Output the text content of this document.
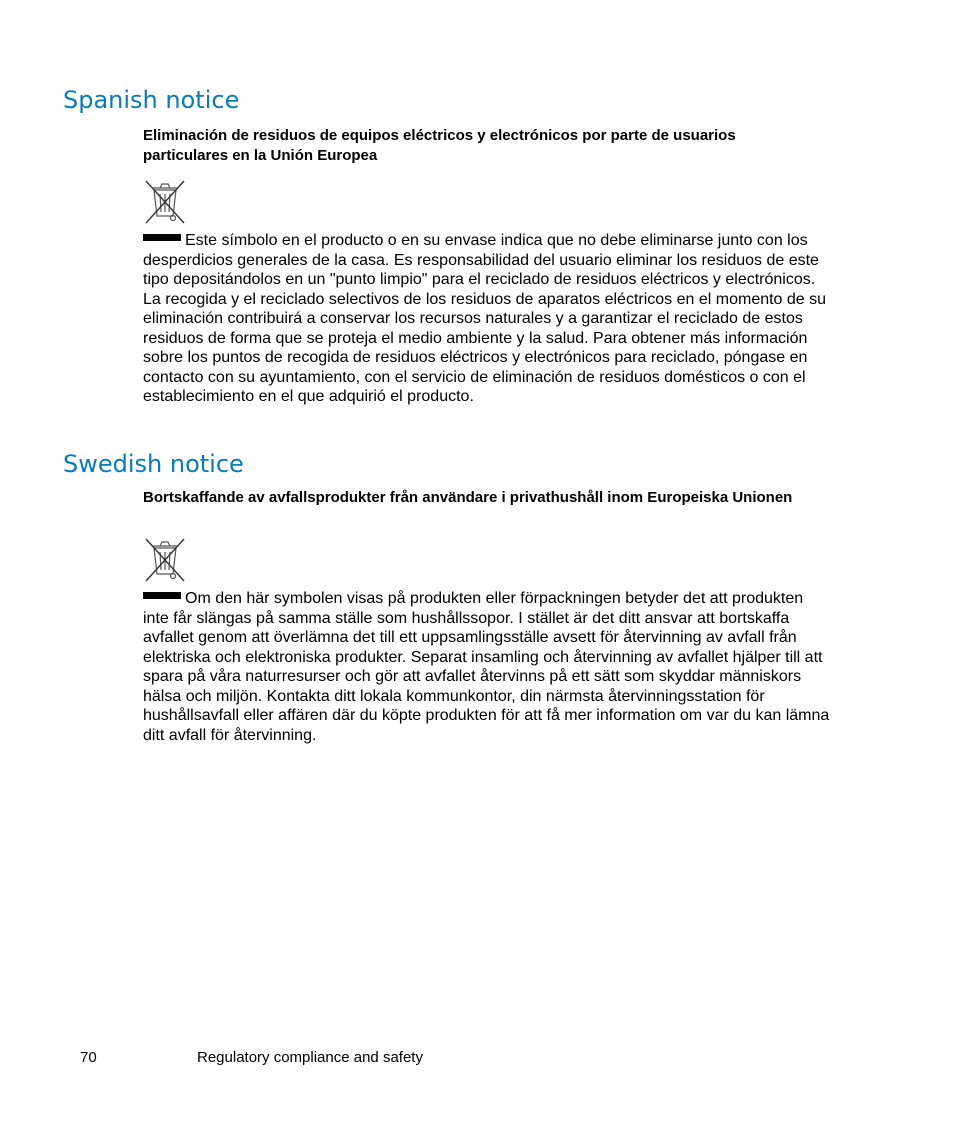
Spanish notice

Eliminación de residuos de equipos eléctricos y electrónicos por parte de usuarios particulares en la Unión Europea

Este símbolo en el producto o en su envase indica que no debe eliminarse junto con los desperdicios generales de la casa. Es responsabilidad del usuario eliminar los residuos de este tipo depositándolos en un "punto limpio" para el reciclado de residuos eléctricos y electrónicos. La recogida y el reciclado selectivos de los residuos de aparatos eléctricos en el momento de su eliminación contribuirá a conservar los recursos naturales y a garantizar el reciclado de estos residuos de forma que se proteja el medio ambiente y la salud. Para obtener más información sobre los puntos de recogida de residuos eléctricos y electrónicos para reciclado, póngase en contacto con su ayuntamiento, con el servicio de eliminación de residuos domésticos o con el establecimiento en el que adquirió el producto.

Swedish notice

Bortskaffande av avfallsprodukter från användare i privathushåll inom Europeiska Unionen

Om den här symbolen visas på produkten eller förpackningen betyder det att produkten inte får slängas på samma ställe som hushållssopor. I stället är det ditt ansvar att bortskaffa avfallet genom att överlämna det till ett uppsamlingsställe avsett för återvinning av avfall från elektriska och elektroniska produkter. Separat insamling och återvinning av avfallet hjälper till att spara på våra naturresurser och gör att avfallet återvinns på ett sätt som skyddar människors hälsa och miljön. Kontakta ditt lokala kommunkontor, din närmsta återvinningsstation för hushållsavfall eller affären där du köpte produkten för att få mer information om var du kan lämna ditt avfall för återvinning.

70	Regulatory compliance and safety
